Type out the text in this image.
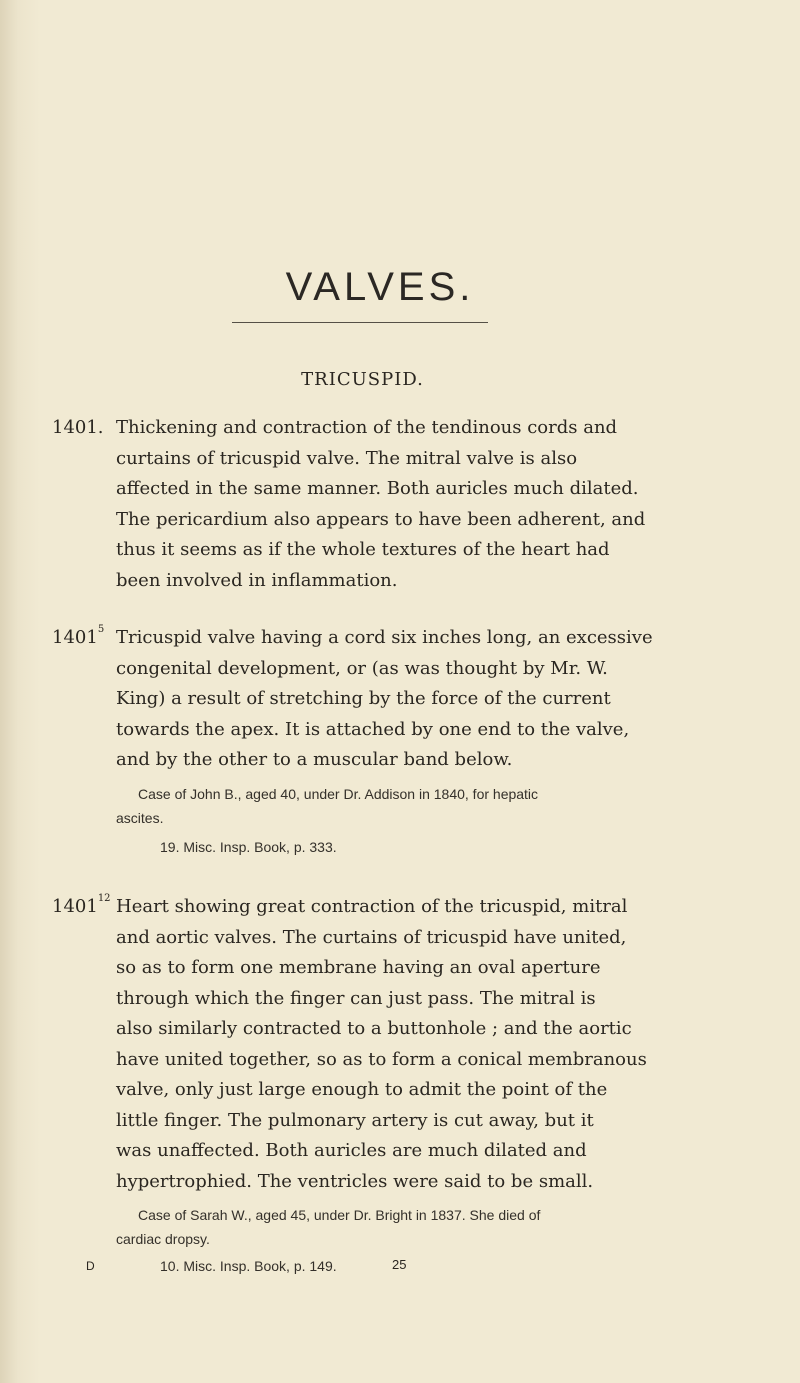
VALVES.
TRICUSPID.
1401. Thickening and contraction of the tendinous cords and
curtains of tricuspid valve. The mitral valve is also
affected in the same manner. Both auricles much dilated.
The pericardium also appears to have been adherent, and
thus it seems as if the whole textures of the heart had
been involved in inflammation.
1401$^5$ Tricuspid valve having a cord six inches long, an excessive
congenital development, or (as was thought by Mr. W.
King) a result of stretching by the force of the current
towards the apex. It is attached by one end to the valve,
and by the other to a muscular band below.
Case of John B., aged 40, under Dr. Addison in 1840, for hepatic
ascites.
19. Misc. Insp. Book, p. 333.
1401$^{12}$ Heart showing great contraction of the tricuspid, mitral
and aortic valves. The curtains of tricuspid have united,
so as to form one membrane having an oval aperture
through which the finger can just pass. The mitral is
also similarly contracted to a buttonhole ; and the aortic
have united together, so as to form a conical membranous
valve, only just large enough to admit the point of the
little finger. The pulmonary artery is cut away, but it
was unaffected. Both auricles are much dilated and
hypertrophied. The ventricles were said to be small.
Case of Sarah W., aged 45, under Dr. Bright in 1837. She died of
cardiac dropsy.
10. Misc. Insp. Book, p. 149.
D	25
